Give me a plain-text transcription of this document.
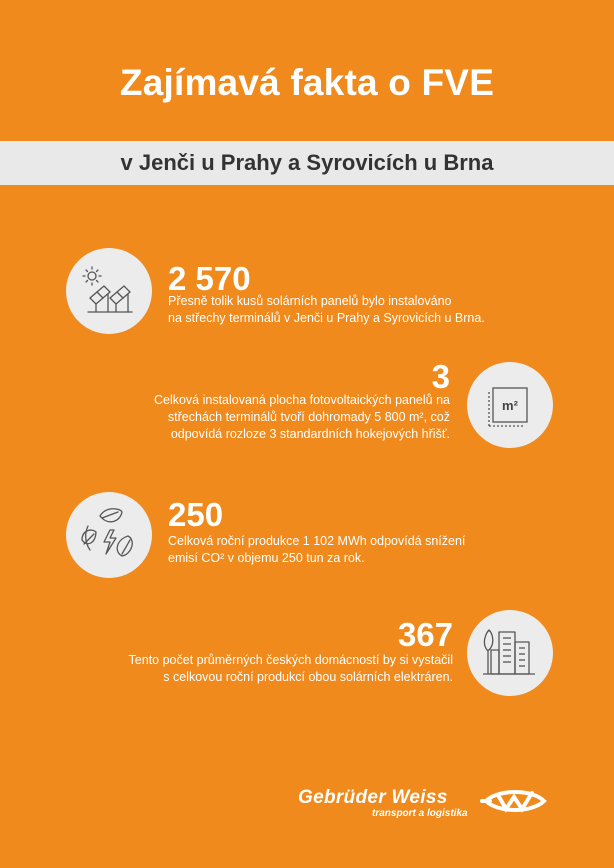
Zajímavá fakta o FVE
v Jenči u Prahy a Syrovicích u Brna
2 570
Přesně tolik kusů solárních panelů bylo instalováno
na střechy terminálů v Jenči u Prahy a Syrovicích u Brna.
3
Celková instalovaná plocha fotovoltaických panelů na
střechách terminálů tvoří dohromady 5 800 m², což
odpovídá rozloze 3 standardních hokejových hřišť.
m²
250
Celková roční produkce 1 102 MWh odpovídá snížení
emisí CO² v objemu 250 tun za rok.
367
Tento počet průměrných českých domácností by si vystačil
s celkovou roční produkcí obou solárních elektráren.
Gebrüder Weiss
transport a logistika
